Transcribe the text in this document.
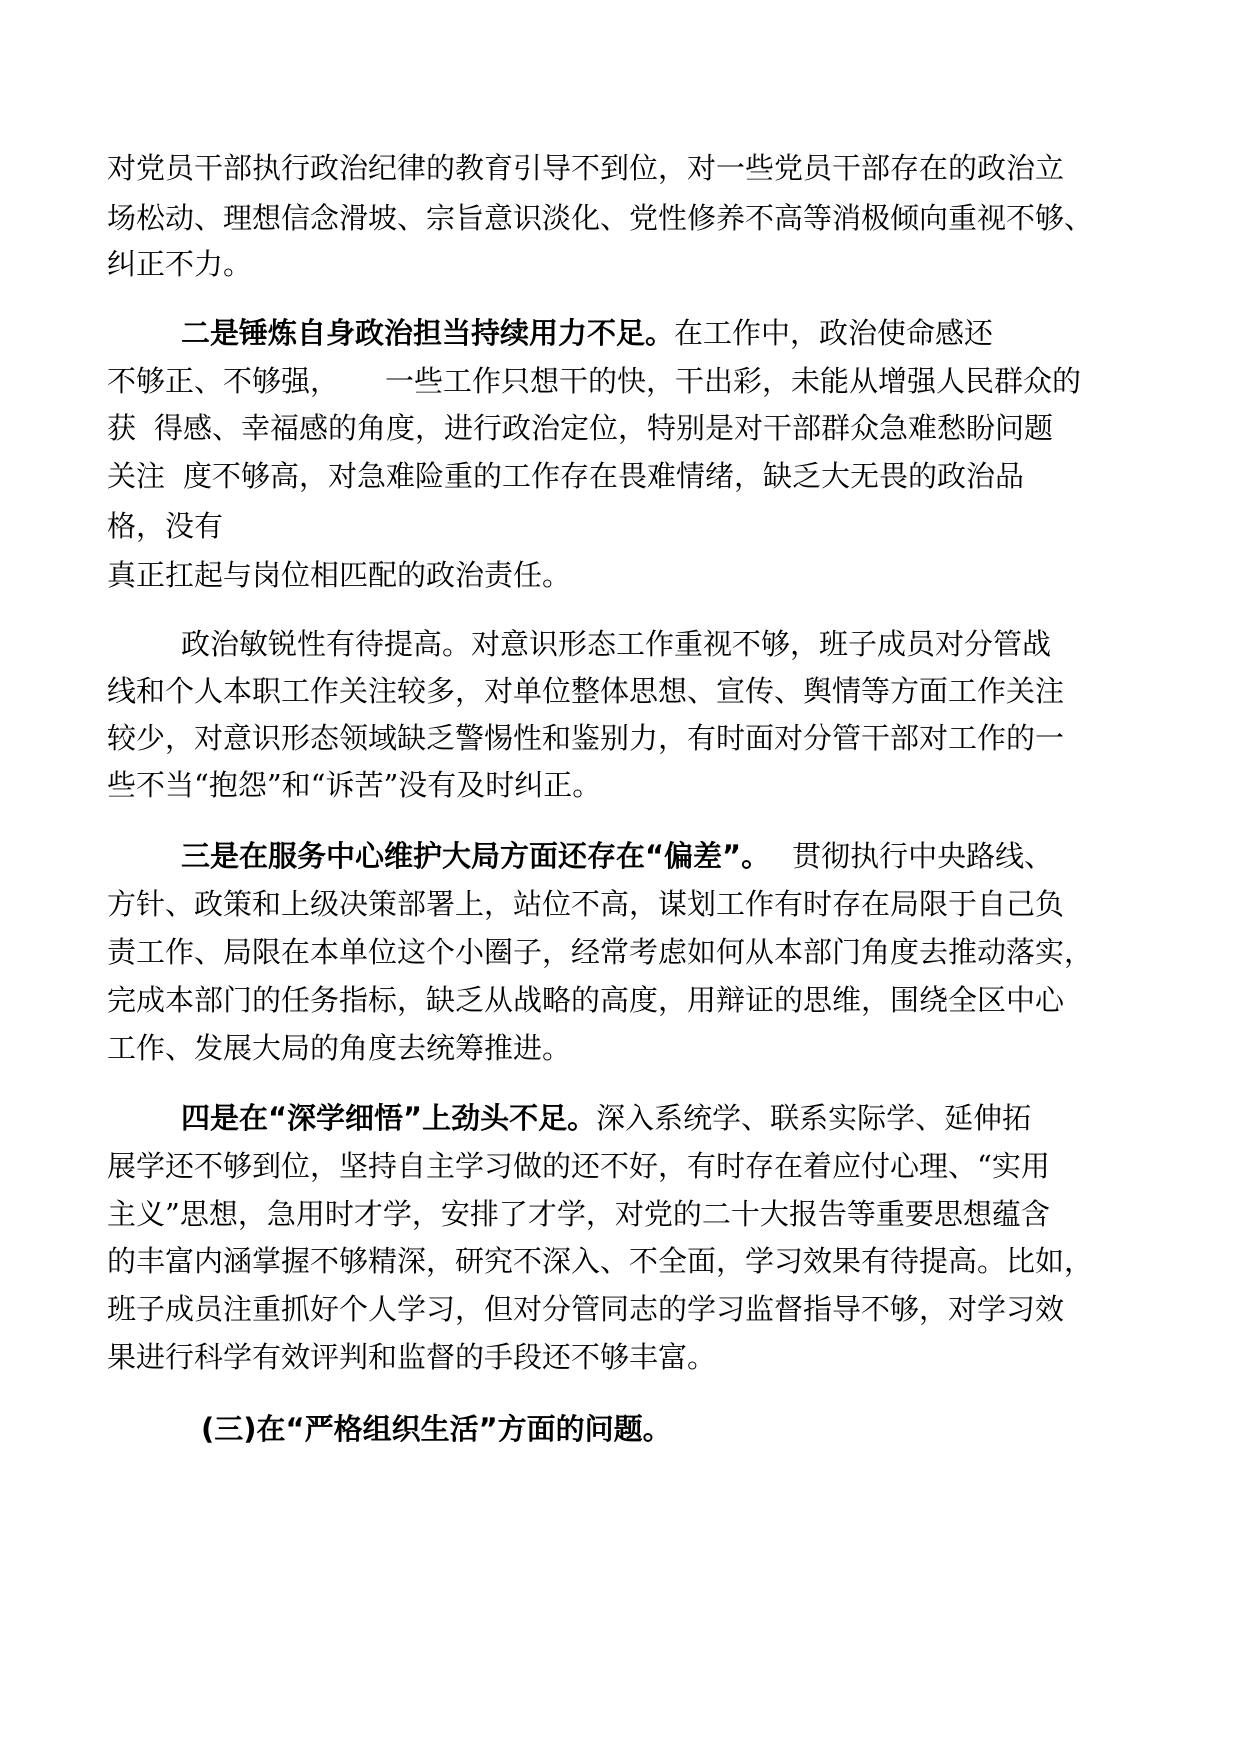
对党员干部执行政治纪律的教育引导不到位，对一些党员干部存在的政治立
场松动、理想信念滑坡、宗旨意识淡化、党性修养不高等消极倾向重视不够、
纠正不力。
二是锤炼自身政治担当持续用力不足。在工作中，政治使命感还
不够正、不够强， 一些工作只想干的快，干出彩，未能从增强人民群众的
获 得感、幸福感的角度，进行政治定位，特别是对干部群众急难愁盼问题
关注 度不够高，对急难险重的工作存在畏难情绪，缺乏大无畏的政治品
格，没有
真正扛起与岗位相匹配的政治责任。
政治敏锐性有待提高。对意识形态工作重视不够，班子成员对分管战
线和个人本职工作关注较多，对单位整体思想、宣传、舆情等方面工作关注
较少，对意识形态领域缺乏警惕性和鉴别力，有时面对分管干部对工作的一
些不当“抱怨”和“诉苦”没有及时纠正。
三是在服务中心维护大局方面还存在“偏差”。 贯彻执行中央路线、
方针、政策和上级决策部署上，站位不高，谋划工作有时存在局限于自己负
责工作、局限在本单位这个小圈子，经常考虑如何从本部门角度去推动落实，
完成本部门的任务指标，缺乏从战略的高度，用辩证的思维，围绕全区中心
工作、发展大局的角度去统筹推进。
四是在“深学细悟”上劲头不足。深入系统学、联系实际学、延伸拓
展学还不够到位，坚持自主学习做的还不好，有时存在着应付心理、“实用
主义”思想，急用时才学，安排了才学，对党的二十大报告等重要思想蕴含
的丰富内涵掌握不够精深，研究不深入、不全面，学习效果有待提高。比如，
班子成员注重抓好个人学习，但对分管同志的学习监督指导不够，对学习效
果进行科学有效评判和监督的手段还不够丰富。
(三)在“严格组织生活”方面的问题。
